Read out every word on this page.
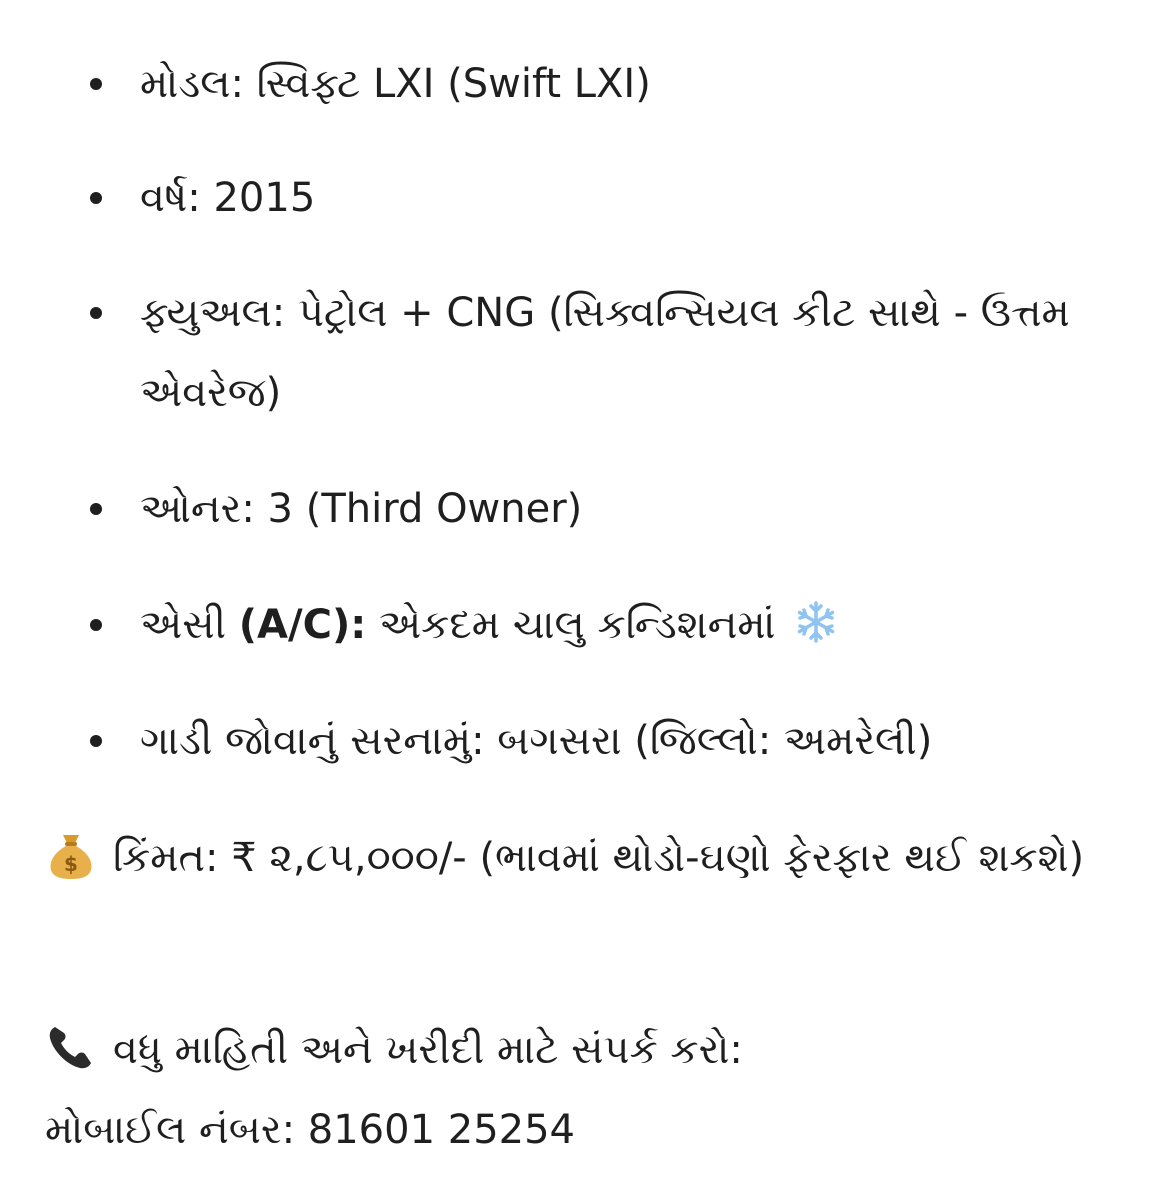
મોડલ: સ્વિફ્ટ LXI (Swift LXI)
વર્ષ: 2015
ફ્યુઅલ: પેટ્રોલ + CNG (સિક્વન્સિયલ કીટ સાથે - ઉત્તમ એવરેજ)
ઓનર: 3 (Third Owner)
એસી (A/C): એકદમ ચાલુ કન્ડિશનમાં
ગાડી જોવાનું સરનામું: બગસરા (જિલ્લો: અમરેલી)
$ કિંમત: ₹ ૨,૮૫,૦૦૦/- (ભાવમાં થોડો-ઘણો ફેરફાર થઈ શકશે)
વધુ માહિતી અને ખરીદી માટે સંપર્ક કરો:
મોબાઈલ નંબર: 81601 25254
